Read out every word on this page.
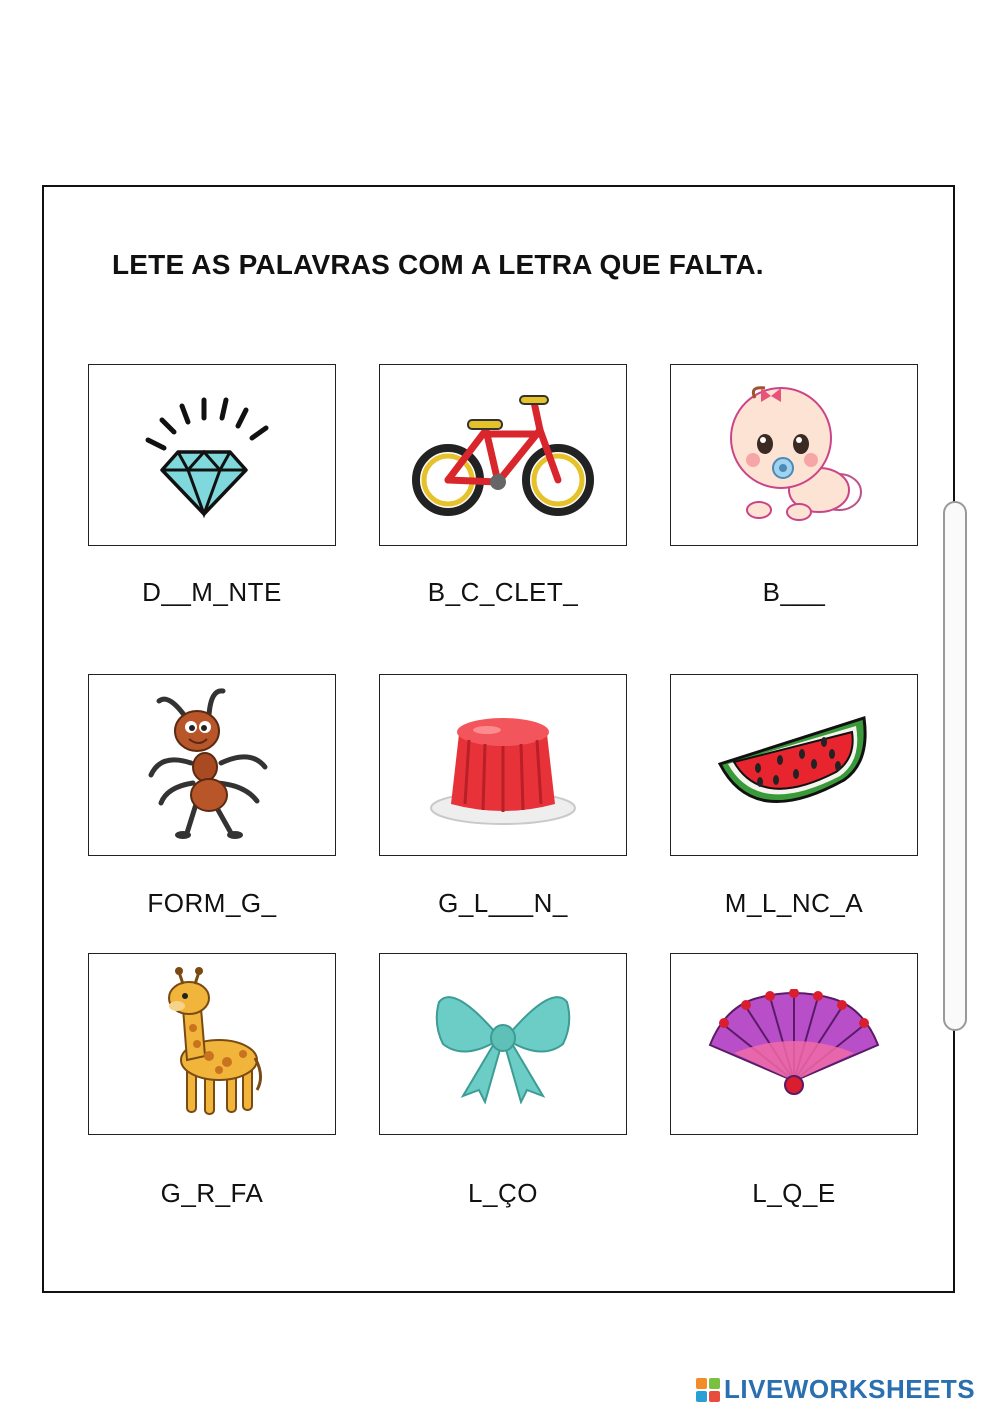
LETE AS PALAVRAS COM A LETRA QUE FALTA.
D__M_NTE	B_C_CLET_	B___
FORM_G_	G_L___N_	M_L_NC_A
G_R_FA	L_ÇO	L_Q_E
LIVEWORKSHEETS
